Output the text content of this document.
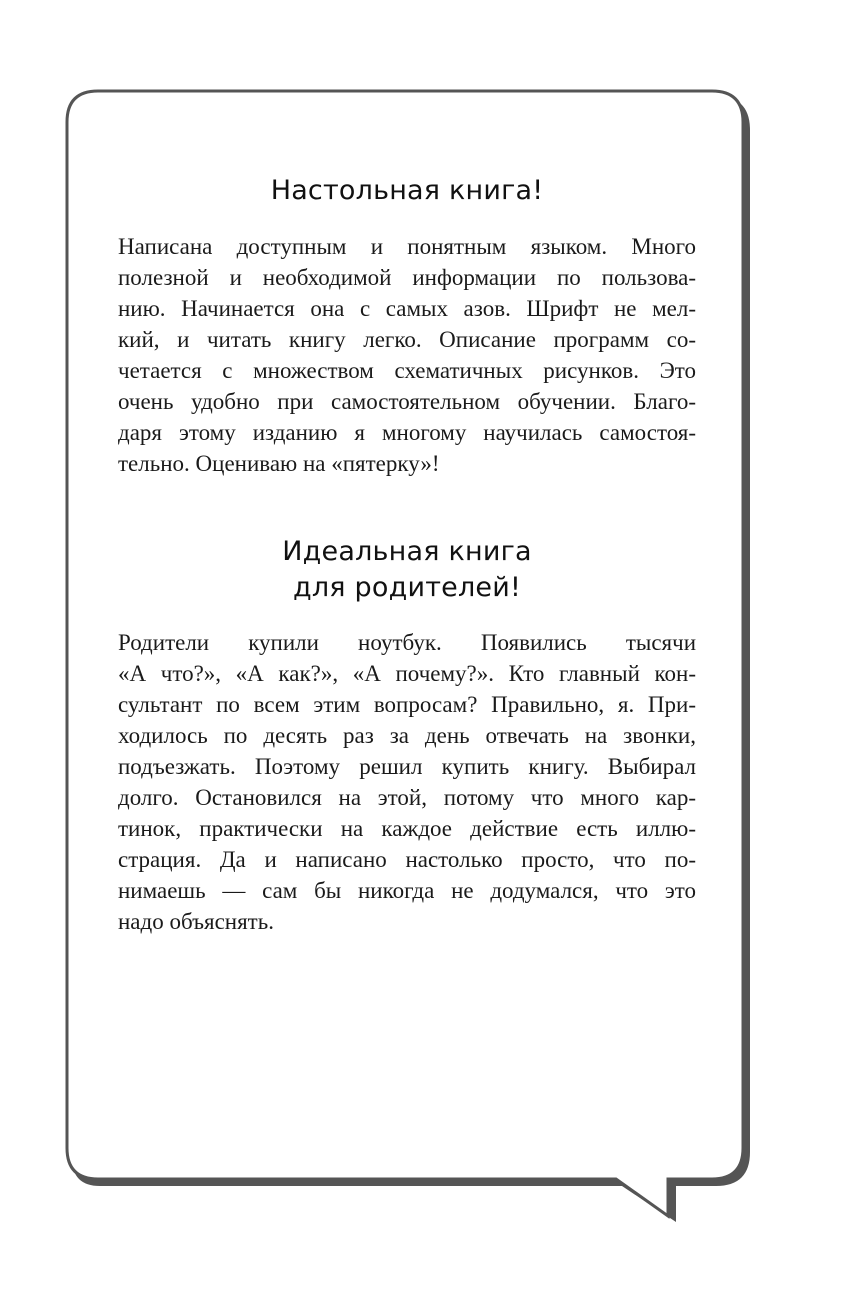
Настольная книга!
Написана доступным и понятным языком. Много
полезной и необходимой информации по пользова-
нию. Начинается она с самых азов. Шрифт не мел-
кий, и читать книгу легко. Описание программ со-
четается с множеством схематичных рисунков. Это
очень удобно при самостоятельном обучении. Благо-
даря этому изданию я многому научилась самостоя-
тельно. Оцениваю на «пятерку»!
Идеальная книга
для родителей!
Родители купили ноутбук. Появились тысячи
«А что?», «А как?», «А почему?». Кто главный кон-
сультант по всем этим вопросам? Правильно, я. При-
ходилось по десять раз за день отвечать на звонки,
подъезжать. Поэтому решил купить книгу. Выбирал
долго. Остановился на этой, потому что много кар-
тинок, практически на каждое действие есть иллю-
страция. Да и написано настолько просто, что по-
нимаешь — сам бы никогда не додумался, что это
надо объяснять.
